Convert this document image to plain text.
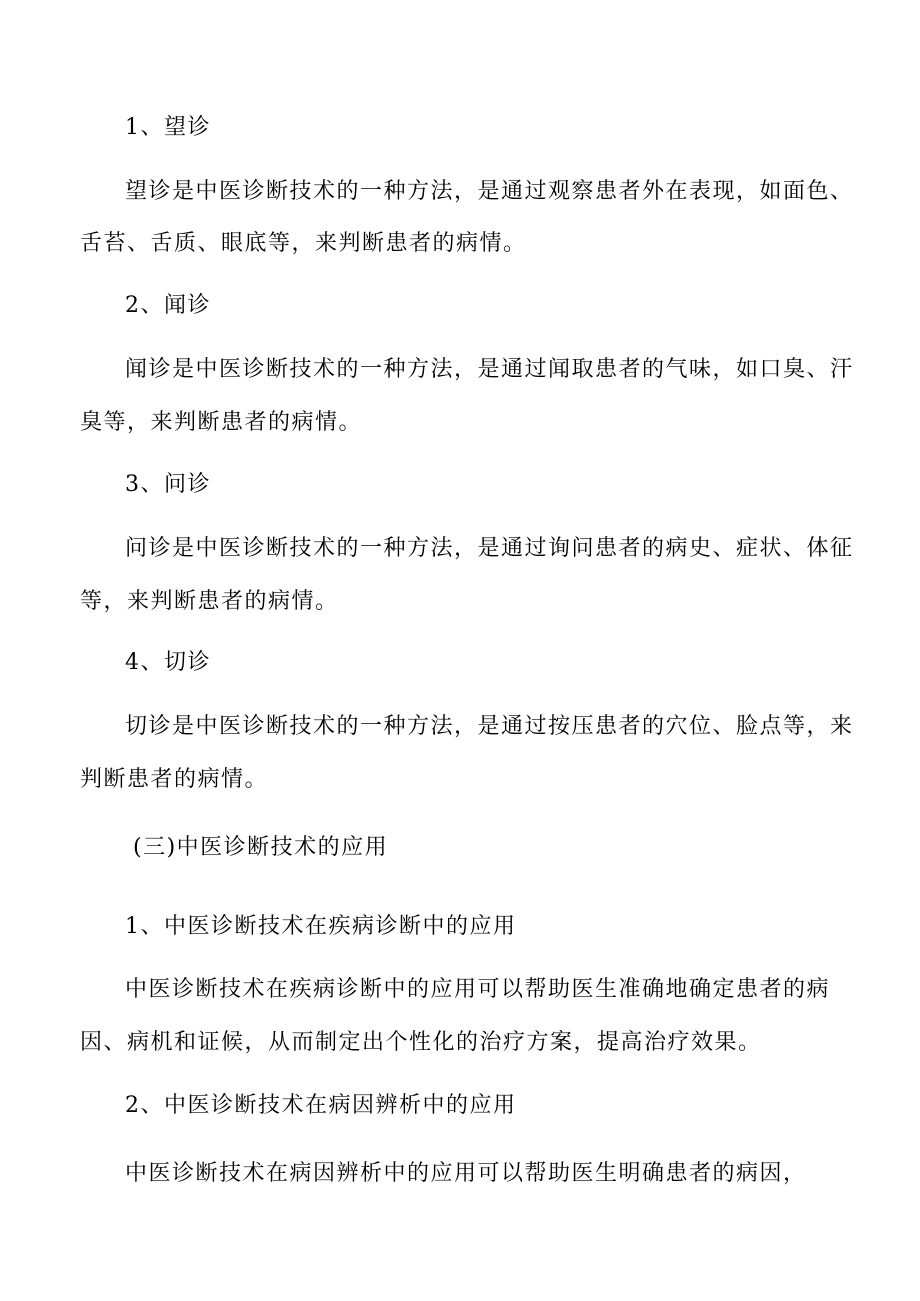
1、望诊
望诊是中医诊断技术的一种方法，是通过观察患者外在表现，如面色、
舌苔、舌质、眼底等，来判断患者的病情。
2、闻诊
闻诊是中医诊断技术的一种方法，是通过闻取患者的气味，如口臭、汗
臭等，来判断患者的病情。
3、问诊
问诊是中医诊断技术的一种方法，是通过询问患者的病史、症状、体征
等，来判断患者的病情。
4、切诊
切诊是中医诊断技术的一种方法，是通过按压患者的穴位、脸点等，来
判断患者的病情。
(三)中医诊断技术的应用
1、中医诊断技术在疾病诊断中的应用
中医诊断技术在疾病诊断中的应用可以帮助医生准确地确定患者的病
因、病机和证候，从而制定出个性化的治疗方案，提高治疗效果。
2、中医诊断技术在病因辨析中的应用
中医诊断技术在病因辨析中的应用可以帮助医生明确患者的病因，
